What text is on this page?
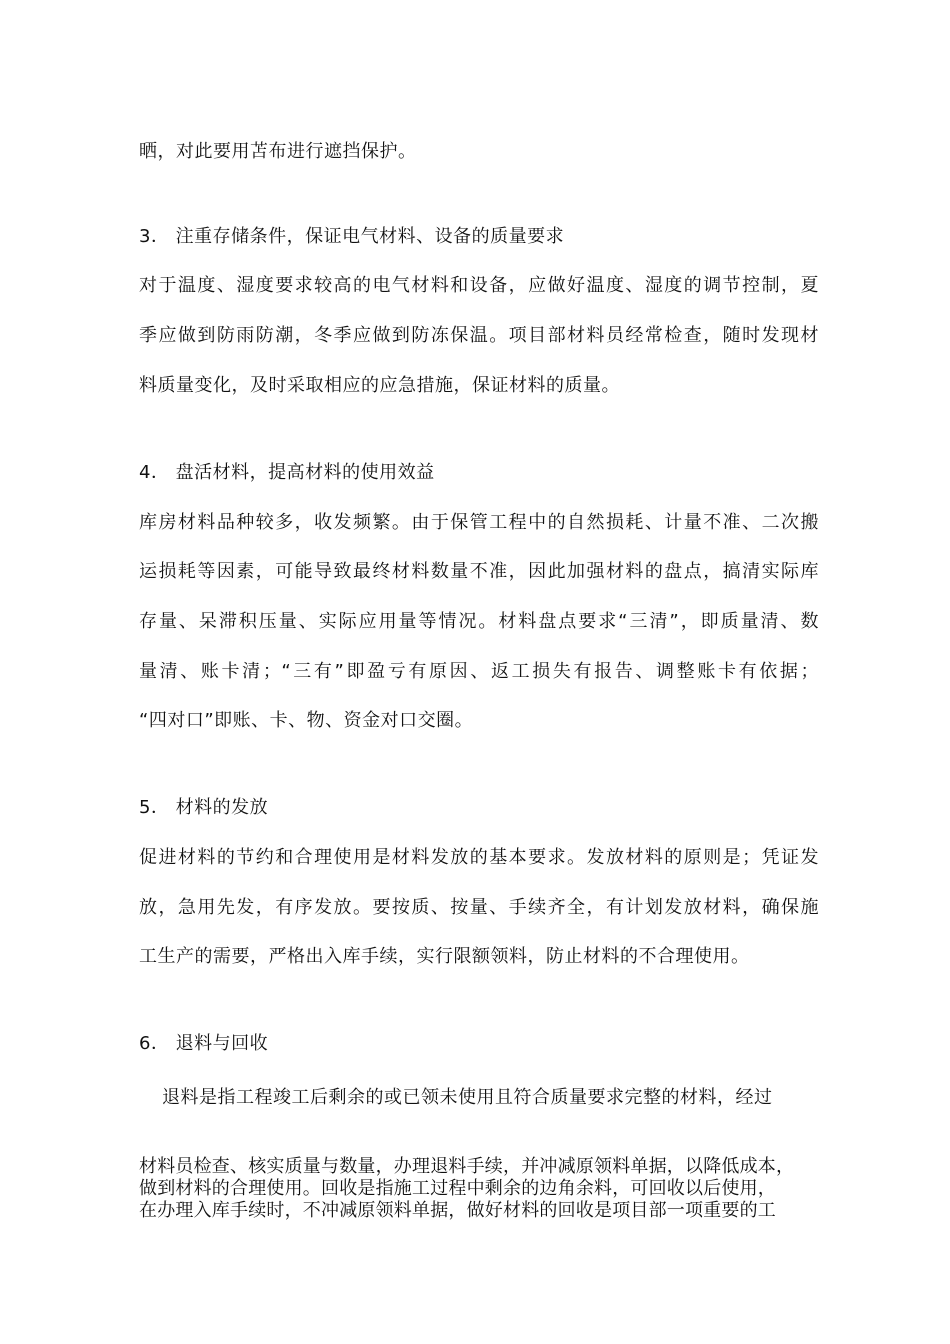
晒，对此要用苫布进行遮挡保护。
3． 注重存储条件，保证电气材料、设备的质量要求
对于温度、湿度要求较高的电气材料和设备，应做好温度、湿度的调节控制，夏
季应做到防雨防潮，冬季应做到防冻保温。项目部材料员经常检查，随时发现材
料质量变化，及时采取相应的应急措施，保证材料的质量。
4． 盘活材料，提高材料的使用效益
库房材料品种较多，收发频繁。由于保管工程中的自然损耗、计量不准、二次搬
运损耗等因素，可能导致最终材料数量不准，因此加强材料的盘点，搞清实际库
存量、呆滞积压量、实际应用量等情况。材料盘点要求“三清”，即质量清、数
量清、账卡清；“三有”即盈亏有原因、返工损失有报告、调整账卡有依据；
“四对口”即账、卡、物、资金对口交圈。
5． 材料的发放
促进材料的节约和合理使用是材料发放的基本要求。发放材料的原则是；凭证发
放，急用先发，有序发放。要按质、按量、手续齐全，有计划发放材料，确保施
工生产的需要，严格出入库手续，实行限额领料，防止材料的不合理使用。
6． 退料与回收
退料是指工程竣工后剩余的或已领未使用且符合质量要求完整的材料，经过
材料员检查、核实质量与数量，办理退料手续，并冲减原领料单据，以降低成本，
做到材料的合理使用。回收是指施工过程中剩余的边角余料，可回收以后使用，
在办理入库手续时，不冲减原领料单据，做好材料的回收是项目部一项重要的工
